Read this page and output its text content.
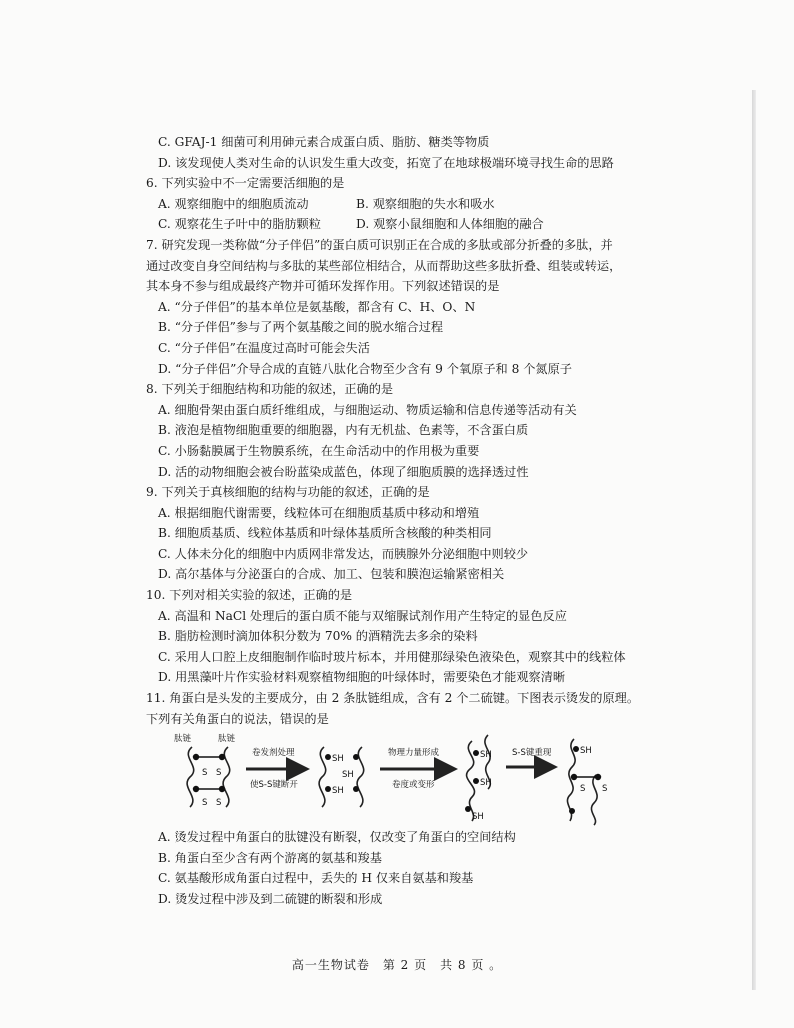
C. GFAJ-1 细菌可利用砷元素合成蛋白质、脂肪、糖类等物质
D. 该发现使人类对生命的认识发生重大改变，拓宽了在地球极端环境寻找生命的思路
6. 下列实验中不一定需要活细胞的是
A. 观察细胞中的细胞质流动	B. 观察细胞的失水和吸水
C. 观察花生子叶中的脂肪颗粒	D. 观察小鼠细胞和人体细胞的融合
7. 研究发现一类称做“分子伴侣”的蛋白质可识别正在合成的多肽或部分折叠的多肽，并
通过改变自身空间结构与多肽的某些部位相结合，从而帮助这些多肽折叠、组装或转运，
其本身不参与组成最终产物并可循环发挥作用。下列叙述错误的是
A. “分子伴侣”的基本单位是氨基酸，都含有 C、H、O、N
B. “分子伴侣”参与了两个氨基酸之间的脱水缩合过程
C. “分子伴侣”在温度过高时可能会失活
D. “分子伴侣”介导合成的直链八肽化合物至少含有 9 个氧原子和 8 个氮原子
8. 下列关于细胞结构和功能的叙述，正确的是
A. 细胞骨架由蛋白质纤维组成，与细胞运动、物质运输和信息传递等活动有关
B. 液泡是植物细胞重要的细胞器，内有无机盐、色素等，不含蛋白质
C. 小肠黏膜属于生物膜系统，在生命活动中的作用极为重要
D. 活的动物细胞会被台盼蓝染成蓝色，体现了细胞质膜的选择透过性
9. 下列关于真核细胞的结构与功能的叙述，正确的是
A. 根据细胞代谢需要，线粒体可在细胞质基质中移动和增殖
B. 细胞质基质、线粒体基质和叶绿体基质所含核酸的种类相同
C. 人体未分化的细胞中内质网非常发达，而胰腺外分泌细胞中则较少
D. 高尔基体与分泌蛋白的合成、加工、包装和膜泡运输紧密相关
10. 下列对相关实验的叙述，正确的是
A. 高温和 NaCl 处理后的蛋白质不能与双缩脲试剂作用产生特定的显色反应
B. 脂肪检测时滴加体积分数为 70% 的酒精洗去多余的染料
C. 采用人口腔上皮细胞制作临时玻片标本，并用健那绿染色液染色，观察其中的线粒体
D. 用黑藻叶片作实验材料观察植物细胞的叶绿体时，需要染色才能观察清晰
11. 角蛋白是头发的主要成分，由 2 条肽链组成，含有 2 个二硫键。下图表示烫发的原理。
下列有关角蛋白的说法，错误的是
肽链	肽链
S S
S S
卷发剂处理
使S-S键断开
SH
SH
SH
物理力量形成
卷度或变形
SH
SH
SH
S-S键重现	SH
S S
A. 烫发过程中角蛋白的肽键没有断裂，仅改变了角蛋白的空间结构
B. 角蛋白至少含有两个游离的氨基和羧基
C. 氨基酸形成角蛋白过程中，丢失的 H 仅来自氨基和羧基
D. 烫发过程中涉及到二硫键的断裂和形成
高一生物试卷　第 2 页　共 8 页 。
